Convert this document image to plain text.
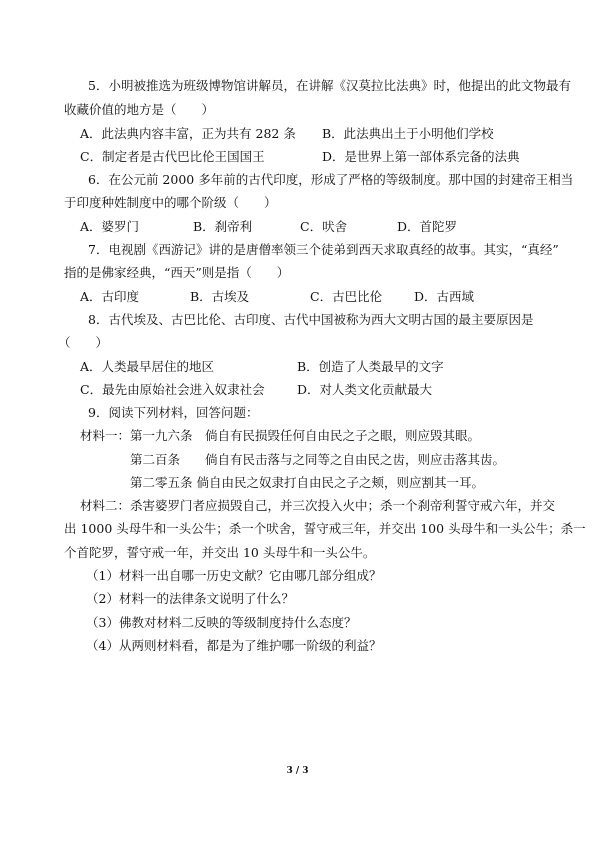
5．小明被推选为班级博物馆讲解员，在讲解《汉莫拉比法典》时，他提出的此文物最有
收藏价值的地方是（　　）
A．此法典内容丰富，正为共有 282 条 B．此法典出土于小明他们学校
C．制定者是古代巴比伦王国国王	D．是世界上第一部体系完备的法典
6．在公元前 2000 多年前的古代印度，形成了严格的等级制度。那中国的封建帝王相当
于印度种姓制度中的哪个阶级（　　）
A．婆罗门	B．刹帝利	C．吠舍	D．首陀罗
7．电视剧《西游记》讲的是唐僧率领三个徒弟到西天求取真经的故事。其实，“真经”
指的是佛家经典，“西天”则是指（　　）
A．古印度	B．古埃及	C．古巴比伦	D．古西域
8．古代埃及、古巴比伦、古印度、古代中国被称为西大文明古国的最主要原因是
（　　）
A．人类最早居住的地区	B．创造了人类最早的文字
C．最先由原始社会进入奴隶社会	D．对人类文化贡献最大
9．阅读下列材料，回答问题：
材料一：第一九六条　倘自有民损毁任何自由民之子之眼，则应毁其眼。
第二百条　　倘自有民击落与之同等之自由民之齿，则应击落其齿。
第二零五条 倘自由民之奴隶打自由民之子之颊，则应割其一耳。
材料二：杀害婆罗门者应损毁自己，并三次投入火中；杀一个刹帝利誓守戒六年，并交
出 1000 头母牛和一头公牛；杀一个吠舍，誓守戒三年，并交出 100 头母牛和一头公牛；杀一
个首陀罗，誓守戒一年，并交出 10 头母牛和一头公牛。
（1）材料一出自哪一历史文献？它由哪几部分组成？
（2）材料一的法律条文说明了什么？
（3）佛教对材料二反映的等级制度持什么态度？
（4）从两则材料看，都是为了维护哪一阶级的利益？
3 / 3
